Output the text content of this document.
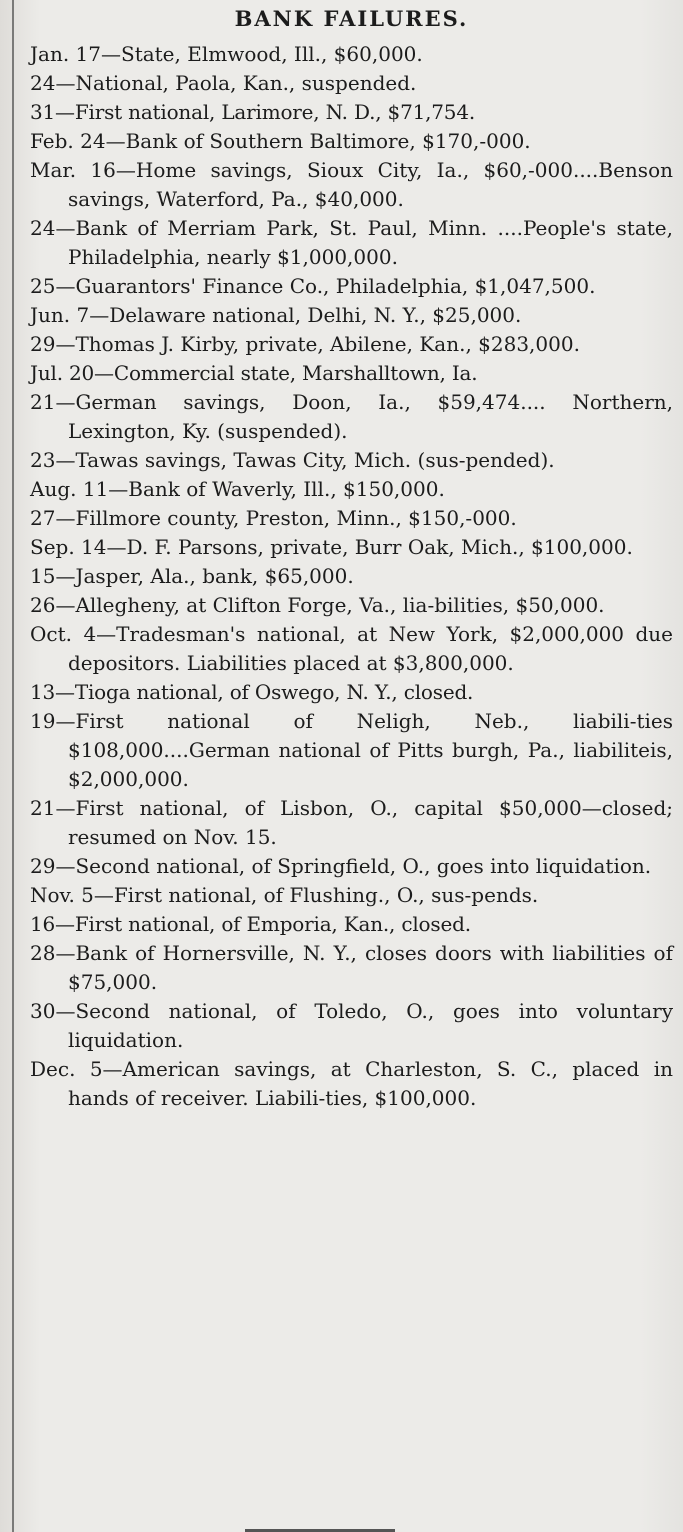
BANK FAILURES.

Jan. 17—State, Elmwood, Ill., $60,000.

24—National, Paola, Kan., suspended.

31—First national, Larimore, N. D., $71,754.

Feb. 24—Bank of Southern Baltimore, $170,-000.

Mar. 16—Home savings, Sioux City, Ia., $60,-000....Benson savings, Waterford, Pa., $40,000.

24—Bank of Merriam Park, St. Paul, Minn. ....People's state, Philadelphia, nearly $1,000,000.

25—Guarantors' Finance Co., Philadelphia, $1,047,500.

Jun. 7—Delaware national, Delhi, N. Y., $25,000.

29—Thomas J. Kirby, private, Abilene, Kan., $283,000.

Jul. 20—Commercial state, Marshalltown, Ia.

21—German savings, Doon, Ia., $59,474.... Northern, Lexington, Ky. (suspended).

23—Tawas savings, Tawas City, Mich. (sus-pended).

Aug. 11—Bank of Waverly, Ill., $150,000.

27—Fillmore county, Preston, Minn., $150,-000.

Sep. 14—D. F. Parsons, private, Burr Oak, Mich., $100,000.

15—Jasper, Ala., bank, $65,000.

26—Allegheny, at Clifton Forge, Va., lia-bilities, $50,000.

Oct. 4—Tradesman's national, at New York, $2,000,000 due depositors. Liabilities placed at $3,800,000.

13—Tioga national, of Oswego, N. Y., closed.

19—First national of Neligh, Neb., liabili-ties $108,000....German national of Pitts burgh, Pa., liabiliteis, $2,000,000.

21—First national, of Lisbon, O., capital $50,000—closed; resumed on Nov. 15.

29—Second national, of Springfield, O., goes into liquidation.

Nov. 5—First national, of Flushing., O., sus-pends.

16—First national, of Emporia, Kan., closed.

28—Bank of Hornersville, N. Y., closes doors with liabilities of $75,000.

30—Second national, of Toledo, O., goes into voluntary liquidation.

Dec. 5—American savings, at Charleston, S. C., placed in hands of receiver. Liabili-ties, $100,000.
